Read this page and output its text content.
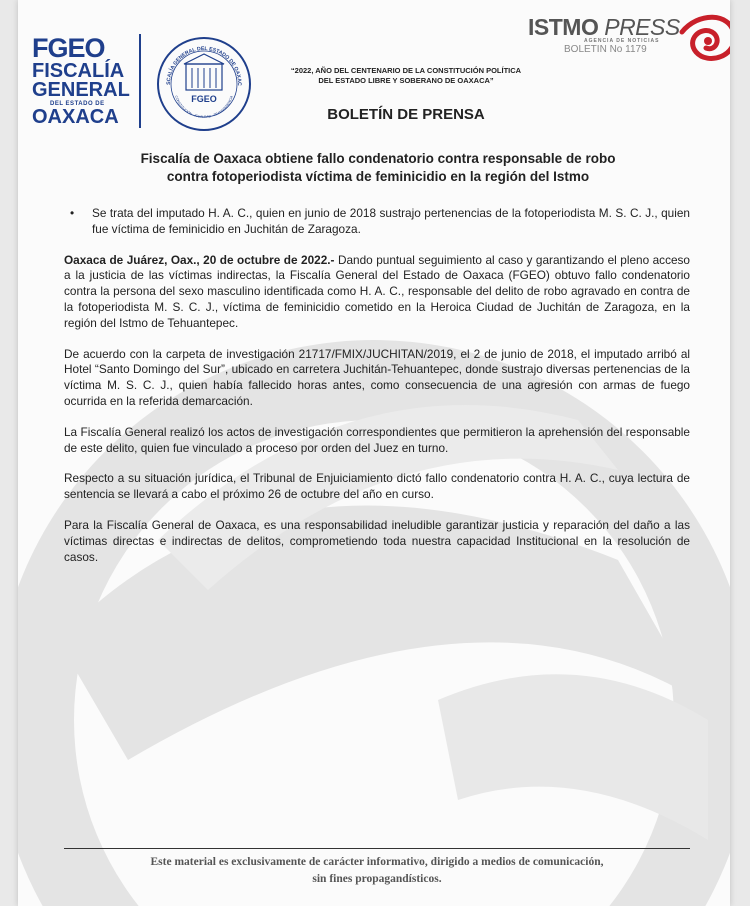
FGEO
FISCALÍA
GENERAL
DEL ESTADO DE
OAXACA
SCALÍA GENERAL DEL ESTADO DE OAXAC
CONSTITUCIÓN · IGUALDAD · TRANSPARENCIA
FGEO
ISTMO PRESS
AGENCIA DE NOTICIAS
BOLETIN No 1179
“2022, AÑO DEL CENTENARIO DE LA CONSTITUCIÓN POLÍTICA
DEL ESTADO LIBRE Y SOBERANO DE OAXACA”
BOLETÍN DE PRENSA
Fiscalía de Oaxaca obtiene fallo condenatorio contra responsable de robo
contra fotoperiodista víctima de feminicidio en la región del Istmo

• Se trata del imputado H. A. C., quien en junio de 2018 sustrajo pertenencias de la fotoperiodista M. S. C. J., quien fue víctima de feminicidio en Juchitán de Zaragoza.

Oaxaca de Juárez, Oax., 20 de octubre de 2022.- Dando puntual seguimiento al caso y garantizando el pleno acceso a la justicia de las víctimas indirectas, la Fiscalía General del Estado de Oaxaca (FGEO) obtuvo fallo condenatorio contra la persona del sexo masculino identificada como H. A. C., responsable del delito de robo agravado en contra de la fotoperiodista M. S. C. J., víctima de feminicidio cometido en la Heroica Ciudad de Juchitán de Zaragoza, en la región del Istmo de Tehuantepec.

De acuerdo con la carpeta de investigación 21717/FMIX/JUCHITAN/2019, el 2 de junio de 2018, el imputado arribó al Hotel “Santo Domingo del Sur”, ubicado en carretera Juchitán-Tehuantepec, donde sustrajo diversas pertenencias de la víctima M. S. C. J., quien había fallecido horas antes, como consecuencia de una agresión con armas de fuego ocurrida en la referida demarcación.

La Fiscalía General realizó los actos de investigación correspondientes que permitieron la aprehensión del responsable de este delito, quien fue vinculado a proceso por orden del Juez en turno.

Respecto a su situación jurídica, el Tribunal de Enjuiciamiento dictó fallo condenatorio contra H. A. C., cuya lectura de sentencia se llevará a cabo el próximo 26 de octubre del año en curso.

Para la Fiscalía General de Oaxaca, es una responsabilidad ineludible garantizar justicia y reparación del daño a las víctimas directas e indirectas de delitos, comprometiendo toda nuestra capacidad Institucional en la resolución de casos.

Este material es exclusivamente de carácter informativo, dirigido a medios de comunicación,
sin fines propagandísticos.
